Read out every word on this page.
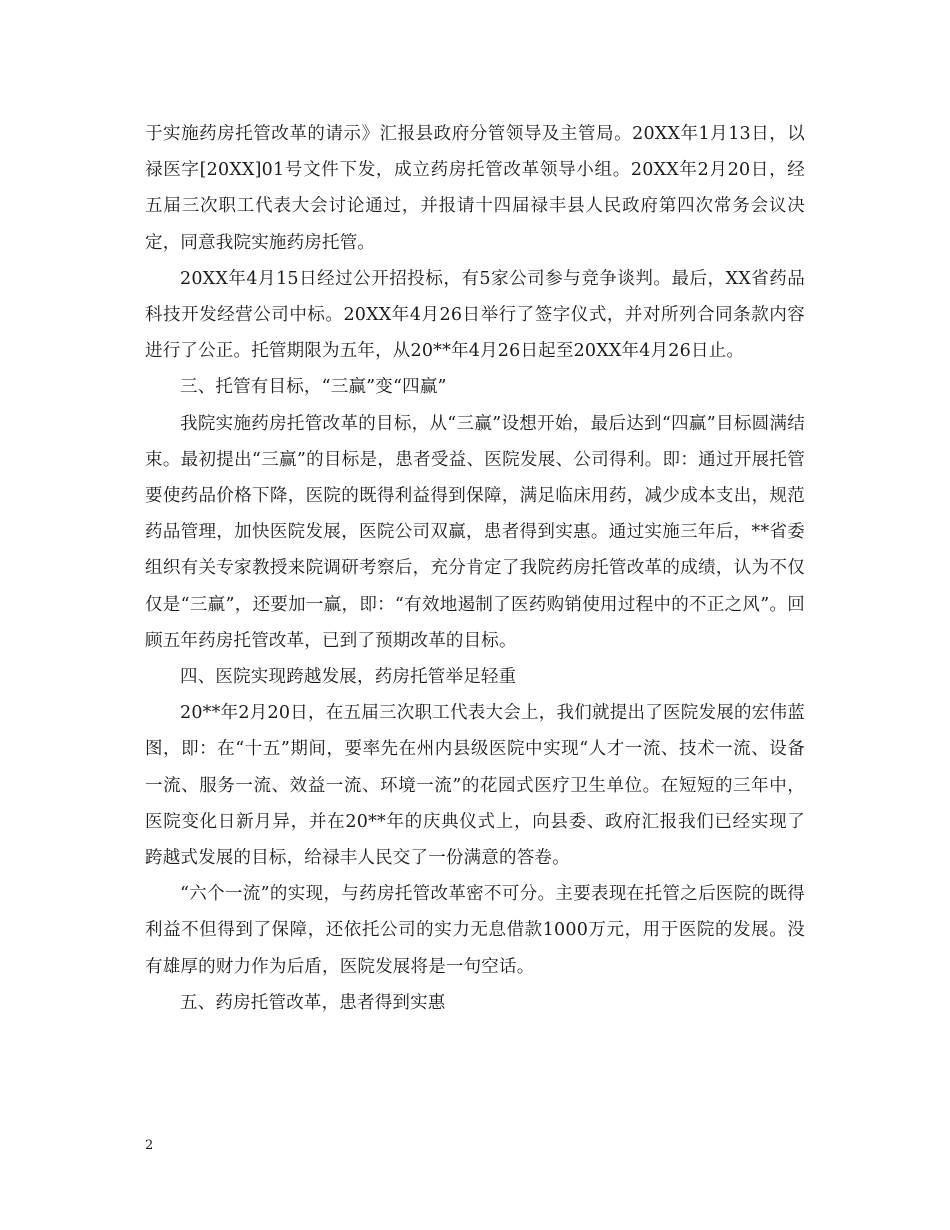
于实施药房托管改革的请示》汇报县政府分管领导及主管局。20XX年1月13日，以禄医字[20XX]01号文件下发，成立药房托管改革领导小组。20XX年2月20日，经五届三次职工代表大会讨论通过，并报请十四届禄丰县人民政府第四次常务会议决定，同意我院实施药房托管。

20XX年4月15日经过公开招投标，有5家公司参与竞争谈判。最后，XX省药品科技开发经营公司中标。20XX年4月26日举行了签字仪式，并对所列合同条款内容进行了公正。托管期限为五年，从20**年4月26日起至20XX年4月26日止。

三、托管有目标，“三赢”变“四赢”

我院实施药房托管改革的目标，从“三赢”设想开始，最后达到“四赢”目标圆满结束。最初提出“三赢”的目标是，患者受益、医院发展、公司得利。即：通过开展托管要使药品价格下降，医院的既得利益得到保障，满足临床用药，减少成本支出，规范药品管理，加快医院发展，医院公司双赢，患者得到实惠。通过实施三年后，**省委组织有关专家教授来院调研考察后，充分肯定了我院药房托管改革的成绩，认为不仅仅是“三赢”，还要加一赢，即：“有效地遏制了医药购销使用过程中的不正之风”。回顾五年药房托管改革，已到了预期改革的目标。

四、医院实现跨越发展，药房托管举足轻重

20**年2月20日，在五届三次职工代表大会上，我们就提出了医院发展的宏伟蓝图，即：在“十五”期间，要率先在州内县级医院中实现“人才一流、技术一流、设备一流、服务一流、效益一流、环境一流”的花园式医疗卫生单位。在短短的三年中，医院变化日新月异，并在20**年的庆典仪式上，向县委、政府汇报我们已经实现了跨越式发展的目标，给禄丰人民交了一份满意的答卷。

“六个一流”的实现，与药房托管改革密不可分。主要表现在托管之后医院的既得利益不但得到了保障，还依托公司的实力无息借款1000万元，用于医院的发展。没有雄厚的财力作为后盾，医院发展将是一句空话。

五、药房托管改革，患者得到实惠

2
